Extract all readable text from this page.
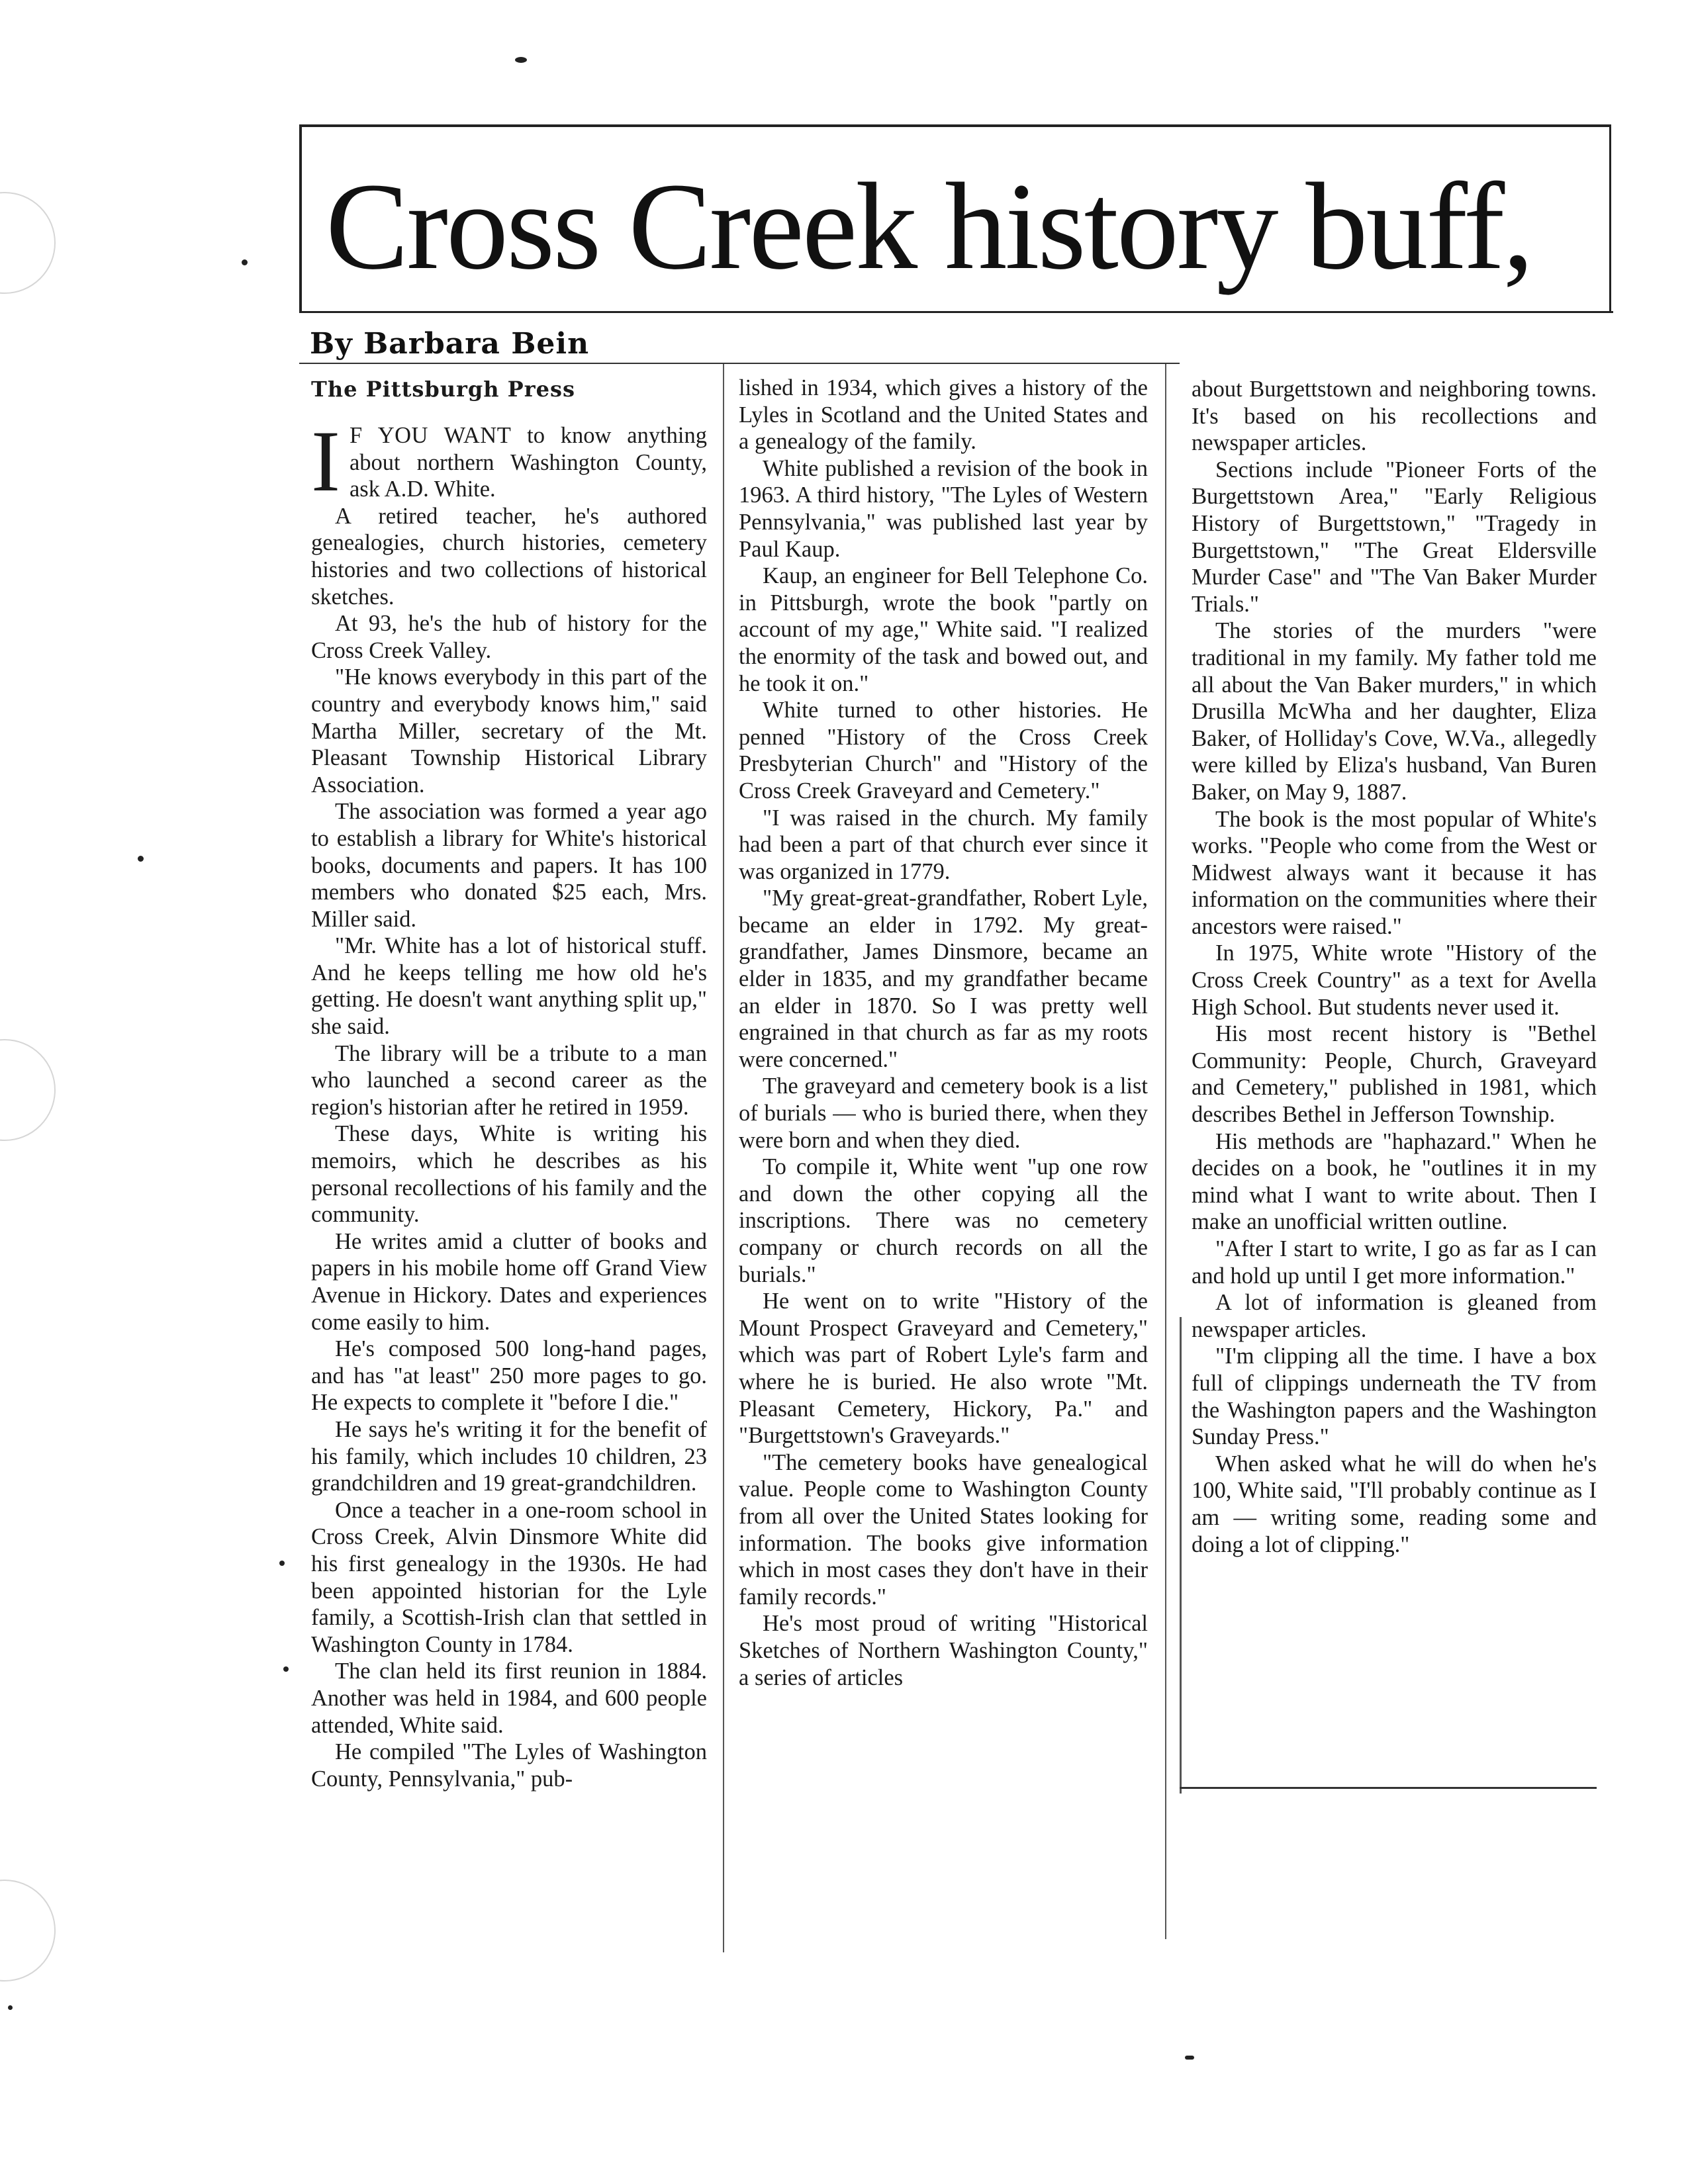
Cross Creek history buff,
By Barbara Bein
The Pittsburgh Press

I F YOU WANT to know anything about northern Washington County, ask A.D. White.

A retired teacher, he's authored genealogies, church histories, cemetery histories and two collections of historical sketches.

At 93, he's the hub of history for the Cross Creek Valley.

"He knows everybody in this part of the country and everybody knows him," said Martha Miller, secretary of the Mt. Pleasant Township Historical Library Association.

The association was formed a year ago to establish a library for White's historical books, documents and papers. It has 100 members who donated $25 each, Mrs. Miller said.

"Mr. White has a lot of historical stuff. And he keeps telling me how old he's getting. He doesn't want anything split up," she said.

The library will be a tribute to a man who launched a second career as the region's historian after he retired in 1959.

These days, White is writing his memoirs, which he describes as his personal recollections of his family and the community.

He writes amid a clutter of books and papers in his mobile home off Grand View Avenue in Hickory. Dates and experiences come easily to him.

He's composed 500 long-hand pages, and has "at least" 250 more pages to go. He expects to complete it "before I die."

He says he's writing it for the benefit of his family, which includes 10 children, 23 grandchildren and 19 great-grandchildren.

Once a teacher in a one-room school in Cross Creek, Alvin Dinsmore White did his first genealogy in the 1930s. He had been appointed historian for the Lyle family, a Scottish-Irish clan that settled in Washington County in 1784.

The clan held its first reunion in 1884. Another was held in 1984, and 600 people attended, White said.

He compiled "The Lyles of Washington County, Pennsylvania," pub-

lished in 1934, which gives a history of the Lyles in Scotland and the United States and a genealogy of the family.

White published a revision of the book in 1963. A third history, "The Lyles of Western Pennsylvania," was published last year by Paul Kaup.

Kaup, an engineer for Bell Telephone Co. in Pittsburgh, wrote the book "partly on account of my age," White said. "I realized the enormity of the task and bowed out, and he took it on."

White turned to other histories. He penned "History of the Cross Creek Presbyterian Church" and "History of the Cross Creek Graveyard and Cemetery."

"I was raised in the church. My family had been a part of that church ever since it was organized in 1779.

"My great-great-grandfather, Robert Lyle, became an elder in 1792. My great-grandfather, James Dinsmore, became an elder in 1835, and my grandfather became an elder in 1870. So I was pretty well engrained in that church as far as my roots were concerned."

The graveyard and cemetery book is a list of burials — who is buried there, when they were born and when they died.

To compile it, White went "up one row and down the other copying all the inscriptions. There was no cemetery company or church records on all the burials."

He went on to write "History of the Mount Prospect Graveyard and Cemetery," which was part of Robert Lyle's farm and where he is buried. He also wrote "Mt. Pleasant Cemetery, Hickory, Pa." and "Burgettstown's Graveyards."

"The cemetery books have genealogical value. People come to Washington County from all over the United States looking for information. The books give information which in most cases they don't have in their family records."

He's most proud of writing "Historical Sketches of Northern Washington County," a series of articles

about Burgettstown and neighboring towns. It's based on his recollections and newspaper articles.

Sections include "Pioneer Forts of the Burgettstown Area," "Early Religious History of Burgettstown," "Tragedy in Burgettstown," "The Great Eldersville Murder Case" and "The Van Baker Murder Trials."

The stories of the murders "were traditional in my family. My father told me all about the Van Baker murders," in which Drusilla McWha and her daughter, Eliza Baker, of Holliday's Cove, W.Va., allegedly were killed by Eliza's husband, Van Buren Baker, on May 9, 1887.

The book is the most popular of White's works. "People who come from the West or Midwest always want it because it has information on the communities where their ancestors were raised."

In 1975, White wrote "History of the Cross Creek Country" as a text for Avella High School. But students never used it.

His most recent history is "Bethel Community: People, Church, Graveyard and Cemetery," published in 1981, which describes Bethel in Jefferson Township.

His methods are "haphazard." When he decides on a book, he "outlines it in my mind what I want to write about. Then I make an unofficial written outline.

"After I start to write, I go as far as I can and hold up until I get more information."

A lot of information is gleaned from newspaper articles.

"I'm clipping all the time. I have a box full of clippings underneath the TV from the Washington papers and the Washington Sunday Press."

When asked what he will do when he's 100, White said, "I'll probably continue as I am — writing some, reading some and doing a lot of clipping."
